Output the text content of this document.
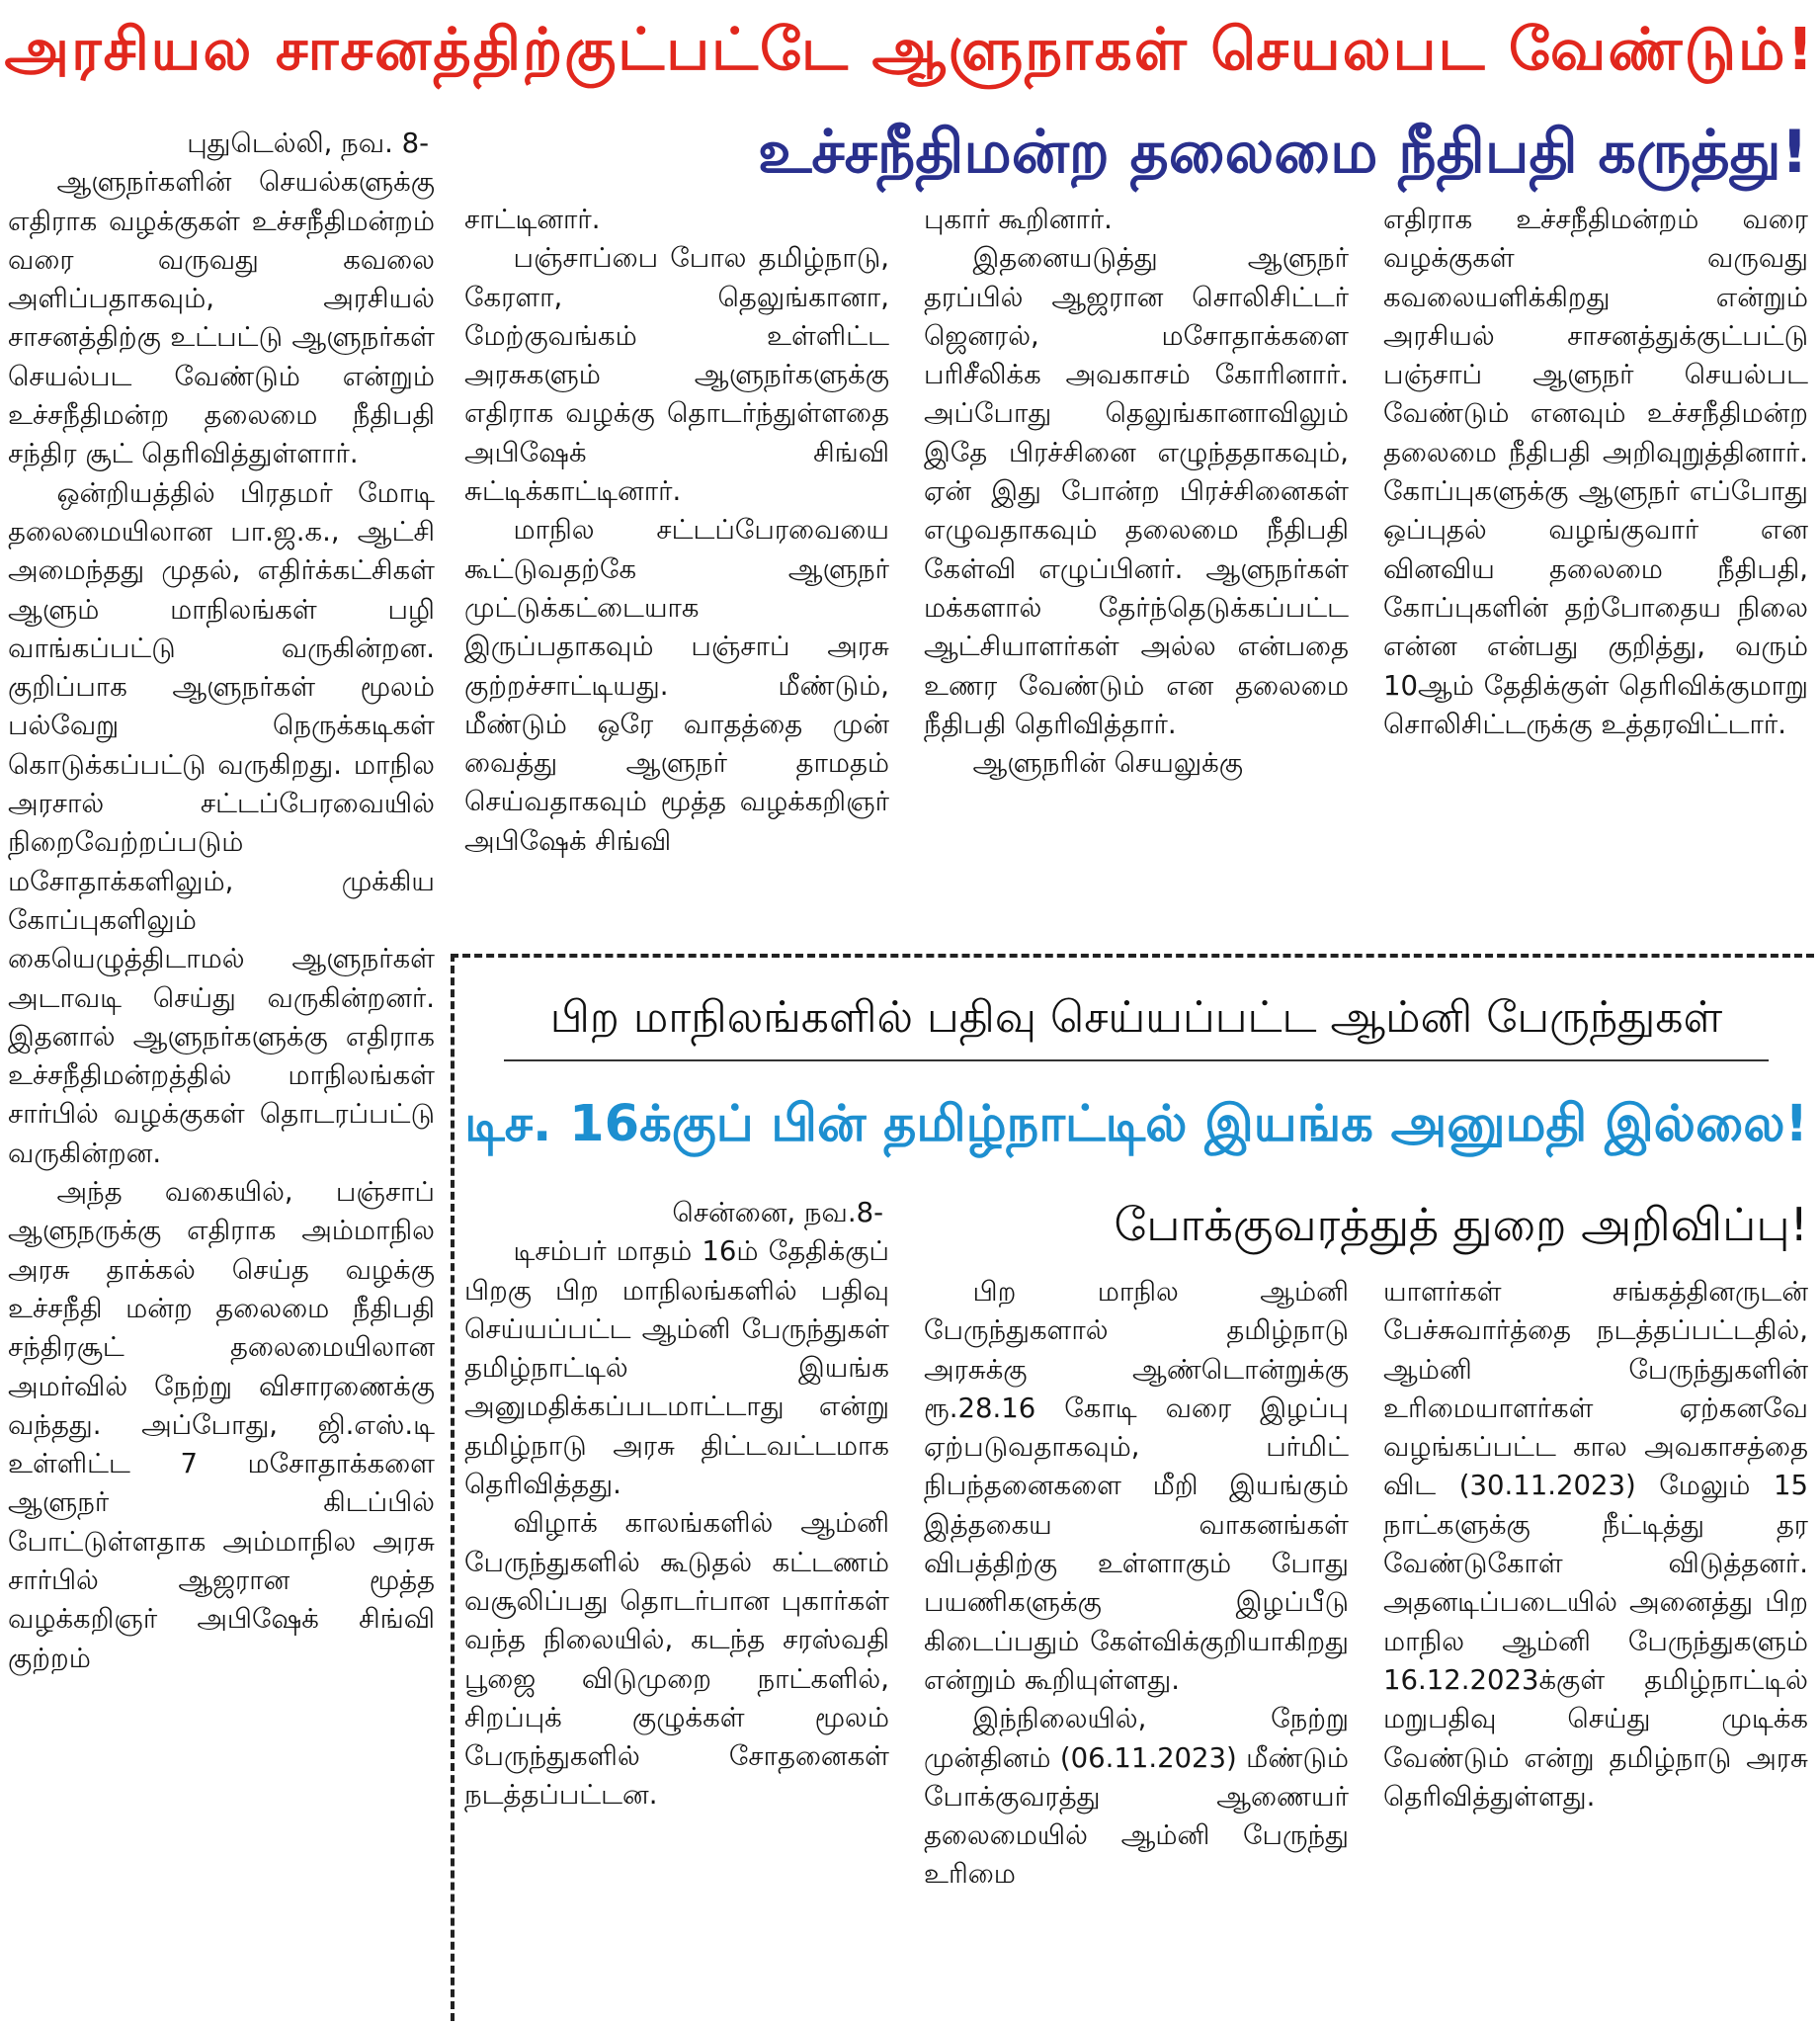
அரசியல சாசனத்திற்குட்பட்டே ஆளுநாகள் செயலபட வேண்டும்!
உச்சநீதிமன்ற தலைமை நீதிபதி கருத்து!

புதுடெல்லி, நவ. 8-

ஆளுநர்களின் செயல்களுக்கு எதிராக வழக்குகள் உச்சநீதிமன்றம் வரை வருவது கவலை அளிப்பதாகவும், அரசியல் சாசனத்திற்கு உட்பட்டு ஆளுநர்கள் செயல்பட வேண்டும் என்றும் உச்சநீதிமன்ற தலைமை நீதிபதி சந்திர சூட் தெரிவித்துள்ளார்.

ஒன்றியத்தில் பிரதமர் மோடி தலைமையிலான பா.ஜ.க., ஆட்சி அமைந்தது முதல், எதிர்க்கட்சிகள் ஆளும் மாநிலங்கள் பழி வாங்கப்பட்டு வருகின்றன. குறிப்பாக ஆளுநர்கள் மூலம் பல்வேறு நெருக்கடிகள் கொடுக்கப்பட்டு வருகிறது. மாநில அரசால் சட்டப்பேரவையில் நிறைவேற்றப்படும் மசோதாக்களிலும், முக்கிய கோப்புகளிலும் கையெழுத்திடாமல் ஆளுநர்கள் அடாவடி செய்து வருகின்றனர். இதனால் ஆளுநர்களுக்கு எதிராக உச்சநீதிமன்றத்தில் மாநிலங்கள் சார்பில் வழக்குகள் தொடரப்பட்டு வருகின்றன.

அந்த வகையில், பஞ்சாப் ஆளுநருக்கு எதிராக அம்மாநில அரசு தாக்கல் செய்த வழக்கு உச்சநீதி மன்ற தலைமை நீதிபதி சந்திரசூட் தலைமையிலான அமர்வில் நேற்று விசாரணைக்கு வந்தது. அப்போது, ஜி.எஸ்.டி உள்ளிட்ட 7 மசோதாக்களை ஆளுநர் கிடப்பில் போட்டுள்ளதாக அம்மாநில அரசு சார்பில் ஆஜரான மூத்த வழக்கறிஞர் அபிஷேக் சிங்வி குற்றம்

சாட்டினார்.

பஞ்சாப்பை போல தமிழ்நாடு, கேரளா, தெலுங்கானா, மேற்குவங்கம் உள்ளிட்ட அரசுகளும் ஆளுநர்களுக்கு எதிராக வழக்கு தொடர்ந்துள்ளதை அபிஷேக் சிங்வி சுட்டிக்காட்டினார்.

மாநில சட்டப்பேரவையை கூட்டுவதற்கே ஆளுநர் முட்டுக்கட்டையாக இருப்பதாகவும் பஞ்சாப் அரசு குற்றச்சாட்டியது. மீண்டும், மீண்டும் ஒரே வாதத்தை முன் வைத்து ஆளுநர் தாமதம் செய்வதாகவும் மூத்த வழக்கறிஞர் அபிஷேக் சிங்வி

புகார் கூறினார்.

இதனையடுத்து ஆளுநர் தரப்பில் ஆஜரான சொலிசிட்டர் ஜெனரல், மசோதாக்களை பரிசீலிக்க அவகாசம் கோரினார். அப்போது தெலுங்கானாவிலும் இதே பிரச்சினை எழுந்ததாகவும், ஏன் இது போன்ற பிரச்சினைகள் எழுவதாகவும் தலைமை நீதிபதி கேள்வி எழுப்பினர். ஆளுநர்கள் மக்களால் தேர்ந்தெடுக்கப்பட்ட ஆட்சியாளர்கள் அல்ல என்பதை உணர வேண்டும் என தலைமை நீதிபதி தெரிவித்தார்.

ஆளுநரின் செயலுக்கு

எதிராக உச்சநீதிமன்றம் வரை வழக்குகள் வருவது கவலையளிக்கிறது என்றும் அரசியல் சாசனத்துக்குட்பட்டு பஞ்சாப் ஆளுநர் செயல்பட வேண்டும் எனவும் உச்சநீதிமன்ற தலைமை நீதிபதி அறிவுறுத்தினார். கோப்புகளுக்கு ஆளுநர் எப்போது ஒப்புதல் வழங்குவார் என வினவிய தலைமை நீதிபதி, கோப்புகளின் தற்போதைய நிலை என்ன என்பது குறித்து, வரும் 10ஆம் தேதிக்குள் தெரிவிக்குமாறு சொலிசிட்டருக்கு உத்தரவிட்டார்.

பிற மாநிலங்களில் பதிவு செய்யப்பட்ட ஆம்னி பேருந்துகள்
டிச. 16க்குப் பின் தமிழ்நாட்டில் இயங்க அனுமதி இல்லை!
போக்குவரத்துத் துறை அறிவிப்பு!

சென்னை, நவ.8-

டிசம்பர் மாதம் 16ம் தேதிக்குப் பிறகு பிற மாநிலங்களில் பதிவு செய்யப்பட்ட ஆம்னி பேருந்துகள் தமிழ்நாட்டில் இயங்க அனுமதிக்கப்படமாட்டாது என்று தமிழ்நாடு அரசு திட்டவட்டமாக தெரிவித்தது.

விழாக் காலங்களில் ஆம்னி பேருந்துகளில் கூடுதல் கட்டணம் வசூலிப்பது தொடர்பான புகார்கள் வந்த நிலையில், கடந்த சரஸ்வதி பூஜை விடுமுறை நாட்களில், சிறப்புக் குழுக்கள் மூலம் பேருந்துகளில் சோதனைகள் நடத்தப்பட்டன.

பிற மாநில ஆம்னி பேருந்துகளால் தமிழ்நாடு அரசுக்கு ஆண்டொன்றுக்கு ரூ.28.16 கோடி வரை இழப்பு ஏற்படுவதாகவும், பர்மிட் நிபந்தனைகளை மீறி இயங்கும் இத்தகைய வாகனங்கள் விபத்திற்கு உள்ளாகும் போது பயணிகளுக்கு இழப்பீடு கிடைப்பதும் கேள்விக்குறியாகிறது என்றும் கூறியுள்ளது.

இந்நிலையில், நேற்று முன்தினம் (06.11.2023) மீண்டும் போக்குவரத்து ஆணையர் தலைமையில் ஆம்னி பேருந்து உரிமை

யாளர்கள் சங்கத்தினருடன் பேச்சுவார்த்தை நடத்தப்பட்டதில், ஆம்னி பேருந்துகளின் உரிமையாளர்கள் ஏற்கனவே வழங்கப்பட்ட கால அவகாசத்தை விட (30.11.2023) மேலும் 15 நாட்களுக்கு நீட்டித்து தர வேண்டுகோள் விடுத்தனர். அதனடிப்படையில் அனைத்து பிற மாநில ஆம்னி பேருந்துகளும் 16.12.2023க்குள் தமிழ்நாட்டில் மறுபதிவு செய்து முடிக்க வேண்டும் என்று தமிழ்நாடு அரசு தெரிவித்துள்ளது.
